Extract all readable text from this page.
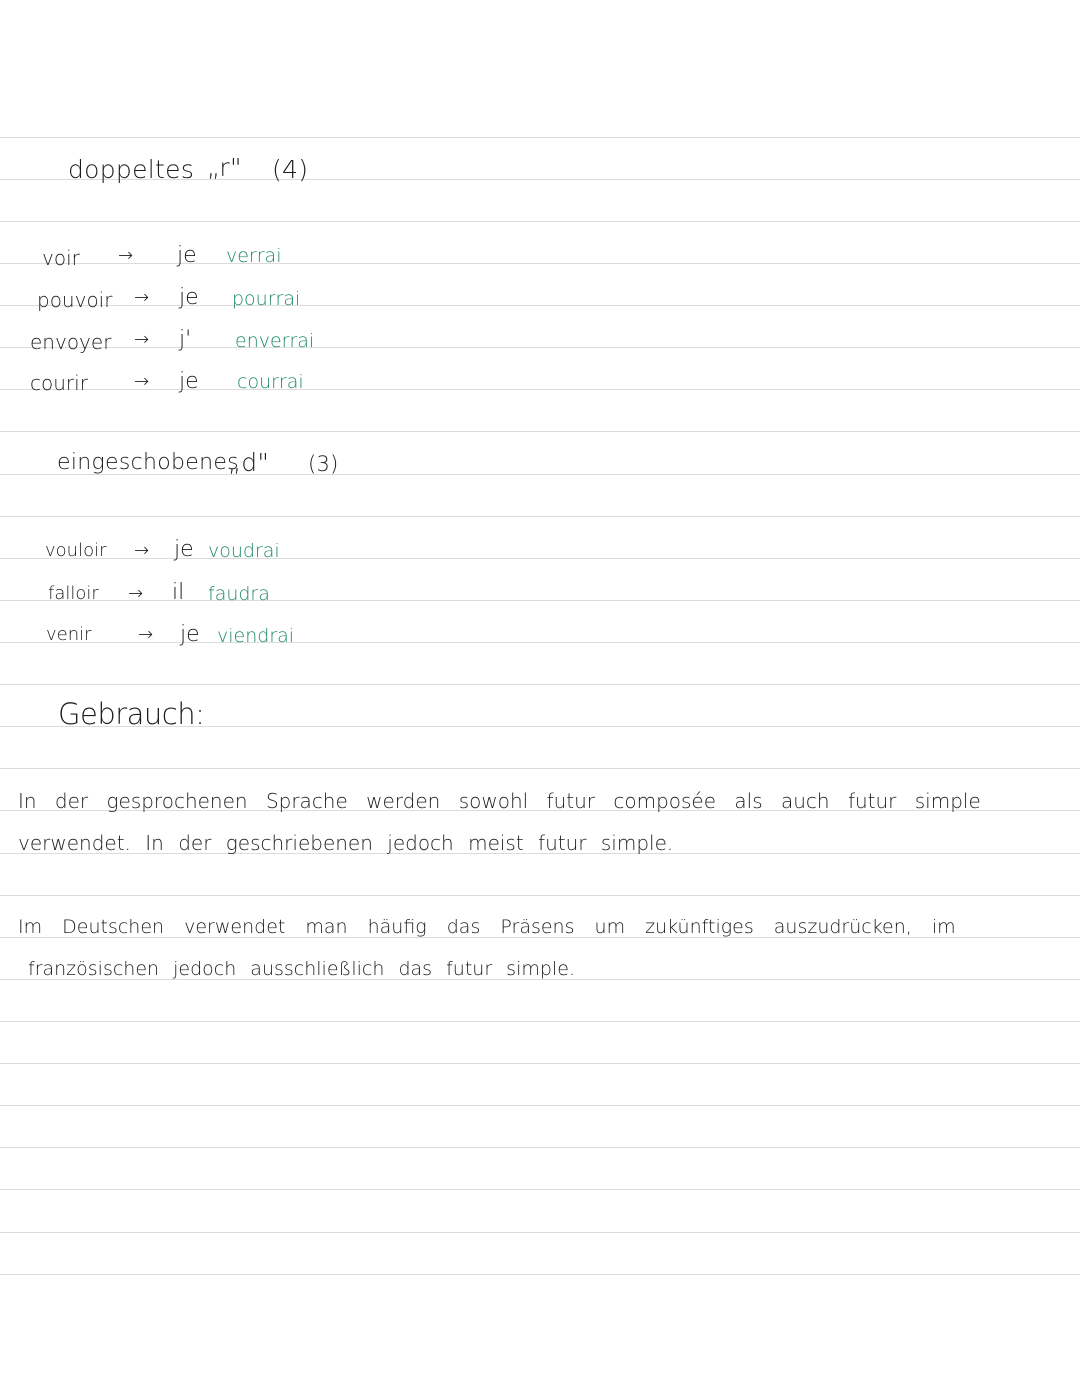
doppeltes „r" (4)
voir → je verrai
pouvoir → je pourrai
envoyer → j' enverrai
courir	→ je courrai
eingeschobenes
„d" (3)
vouloir → je voudrai
falloir → il faudra
venir	→ je viendrai
Gebrauch:
In der gesprochenen Sprache werden sowohl futur composée als auch futur simple
verwendet. In der geschriebenen jedoch meist futur simple.
Im Deutschen verwendet man häufig das Präsens um zukünftiges auszudrücken, im
französischen jedoch ausschließlich das futur simple.
